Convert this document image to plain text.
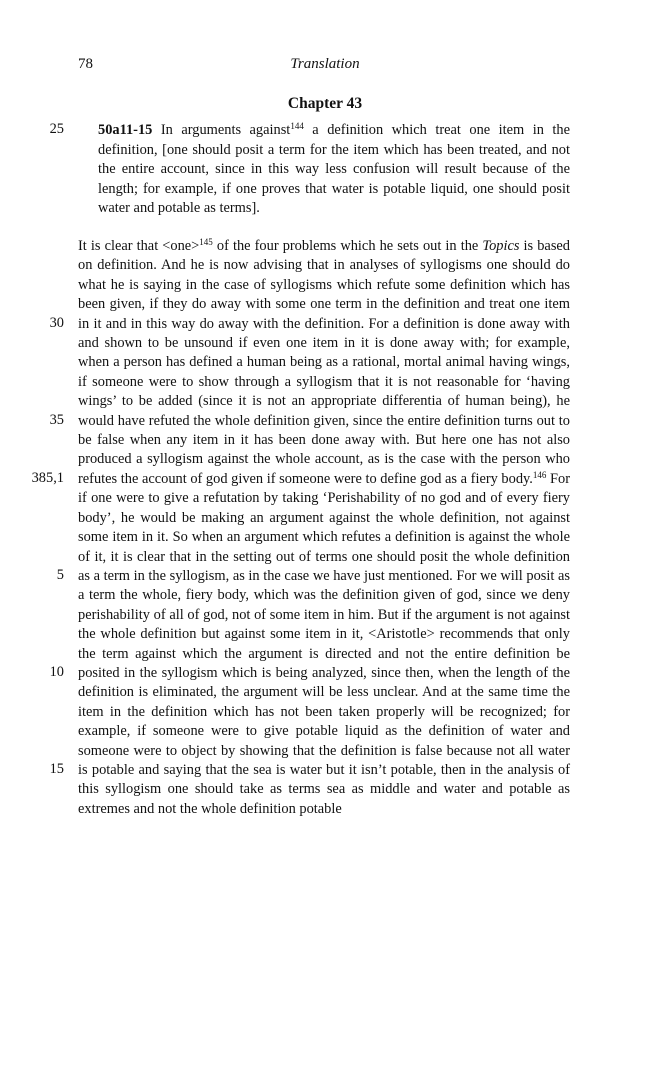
78	Translation
Chapter 43
50a11-15 In arguments against$^{144}$ a definition which treat one item in the definition, [one should posit a term for the item which has been treated, and not the entire account, since in this way less confusion will result because of the length; for example, if one proves that water is potable liquid, one should posit water and potable as terms].

It is clear that <one>$^{145}$ of the four problems which he sets out in the Topics is based on definition. And he is now advising that in analyses of syllogisms one should do what he is saying in the case of syllogisms which refute some definition which has been given, if they do away with some one term in the definition and treat one item in it and in this way do away with the definition. For a definition is done away with and shown to be unsound if even one item in it is done away with; for example, when a person has defined a human being as a rational, mortal animal having wings, if someone were to show through a syllogism that it is not reasonable for ‘having wings’ to be added (since it is not an appropriate differentia of human being), he would have refuted the whole definition given, since the entire definition turns out to be false when any item in it has been done away with. But here one has not also produced a syllogism against the whole account, as is the case with the person who refutes the account of god given if someone were to define god as a fiery body.$^{146}$ For if one were to give a refutation by taking ‘Perishability of no god and of every fiery body’, he would be making an argument against the whole definition, not against some item in it. So when an argument which refutes a definition is against the whole of it, it is clear that in the setting out of terms one should posit the whole definition as a term in the syllogism, as in the case we have just mentioned. For we will posit as a term the whole, fiery body, which was the definition given of god, since we deny perishability of all of god, not of some item in him. But if the argument is not against the whole definition but against some item in it, <Aristotle> recommends that only the term against which the argument is directed and not the entire definition be posited in the syllogism which is being analyzed, since then, when the length of the definition is eliminated, the argument will be less unclear. And at the same time the item in the definition which has not been taken properly will be recognized; for example, if someone were to give potable liquid as the definition of water and someone were to object by showing that the definition is false because not all water is potable and saying that the sea is water but it isn’t potable, then in the analysis of this syllogism one should take as terms sea as middle and water and potable as extremes and not the whole definition potable

25
30
35
385,1
5
10
15
